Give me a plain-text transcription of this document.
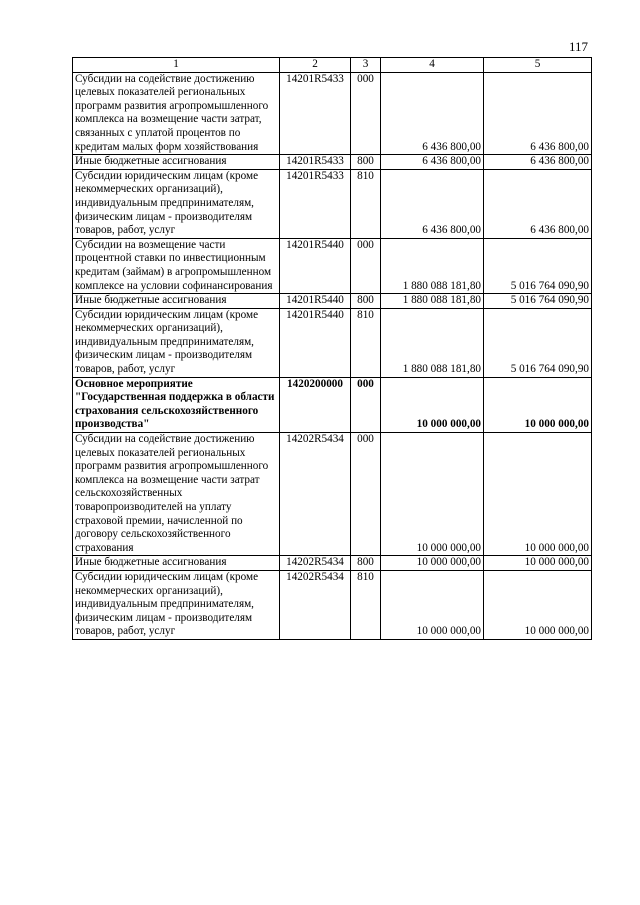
117
1	2	3	4	5
Субсидии на содействие достижению целевых показателей региональных программ развития агропромышленного комплекса на возмещение части затрат, связанных с уплатой процентов по кредитам малых форм хозяйствования	14201R5433	000	6 436 800,00	6 436 800,00
Иные бюджетные ассигнования	14201R5433	800	6 436 800,00	6 436 800,00
Субсидии юридическим лицам (кроме некоммерческих организаций), индивидуальным предпринимателям, физическим лицам - производителям товаров, работ, услуг	14201R5433	810	6 436 800,00	6 436 800,00
Субсидии на возмещение части процентной ставки по инвестиционным кредитам (займам) в агропромышленном комплексе на условии софинансирования	14201R5440	000	1 880 088 181,80	5 016 764 090,90
Иные бюджетные ассигнования	14201R5440	800	1 880 088 181,80	5 016 764 090,90
Субсидии юридическим лицам (кроме некоммерческих организаций), индивидуальным предпринимателям, физическим лицам - производителям товаров, работ, услуг	14201R5440	810	1 880 088 181,80	5 016 764 090,90
Основное мероприятие "Государственная поддержка в области страхования сельскохозяйственного производства"	1420200000	000	10 000 000,00	10 000 000,00
Субсидии на содействие достижению целевых показателей региональных программ развития агропромышленного комплекса на возмещение части затрат сельскохозяйственных товаропроизводителей на уплату страховой премии, начисленной по договору сельскохозяйственного страхования	14202R5434	000	10 000 000,00	10 000 000,00
Иные бюджетные ассигнования	14202R5434	800	10 000 000,00	10 000 000,00
Субсидии юридическим лицам (кроме некоммерческих организаций), индивидуальным предпринимателям, физическим лицам - производителям товаров, работ, услуг	14202R5434	810	10 000 000,00	10 000 000,00
